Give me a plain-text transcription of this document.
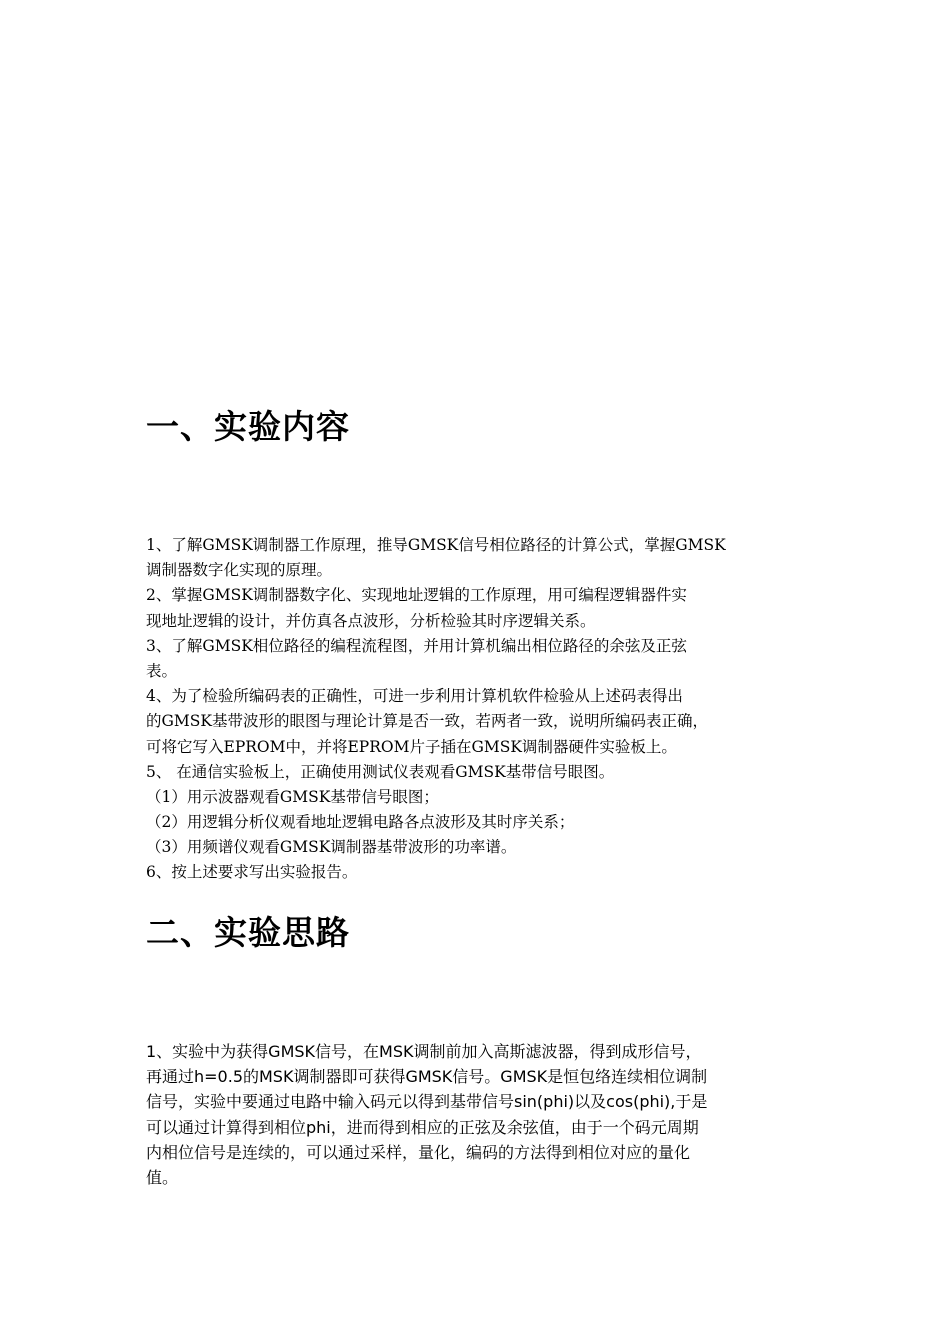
一、实验内容
1、了解GMSK调制器工作原理，推导GMSK信号相位路径的计算公式，掌握GMSK
调制器数字化实现的原理。
2、掌握GMSK调制器数字化、实现地址逻辑的工作原理，用可编程逻辑器件实
现地址逻辑的设计，并仿真各点波形，分析检验其时序逻辑关系。
3、了解GMSK相位路径的编程流程图，并用计算机编出相位路径的余弦及正弦
表。
4、为了检验所编码表的正确性，可进一步利用计算机软件检验从上述码表得出
的GMSK基带波形的眼图与理论计算是否一致，若两者一致，说明所编码表正确，
可将它写入EPROM中，并将EPROM片子插在GMSK调制器硬件实验板上。
5、 在通信实验板上，正确使用测试仪表观看GMSK基带信号眼图。
（1）用示波器观看GMSK基带信号眼图；
（2）用逻辑分析仪观看地址逻辑电路各点波形及其时序关系；
（3）用频谱仪观看GMSK调制器基带波形的功率谱。
6、按上述要求写出实验报告。
二、实验思路
1、实验中为获得GMSK信号，在MSK调制前加入高斯滤波器，得到成形信号，
再通过h=0.5的MSK调制器即可获得GMSK信号。GMSK是恒包络连续相位调制
信号，实验中要通过电路中输入码元以得到基带信号sin(phi)以及cos(phi),于是
可以通过计算得到相位phi，进而得到相应的正弦及余弦值，由于一个码元周期
内相位信号是连续的，可以通过采样，量化，编码的方法得到相位对应的量化
值。
